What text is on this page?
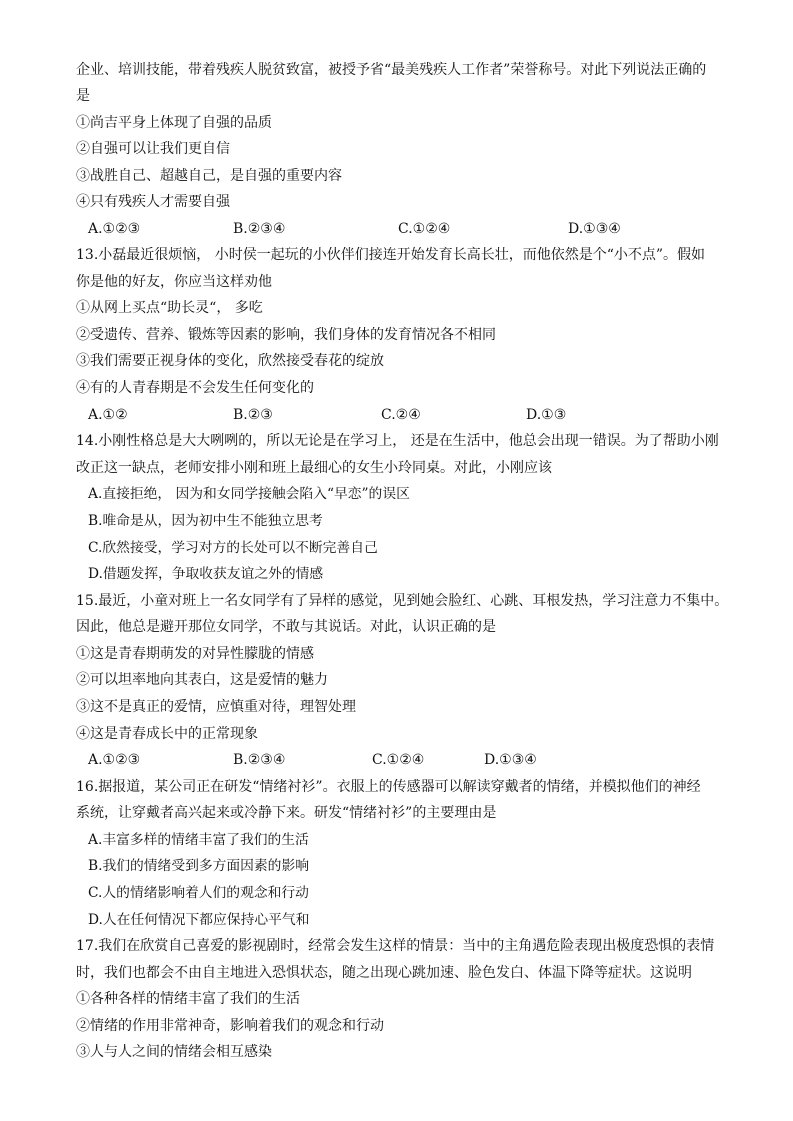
企业、培训技能，带着残疾人脱贫致富，被授予省“最美残疾人工作者”荣誉称号。对此下列说法正确的
是
①尚吉平身上体现了自强的品质
②自强可以让我们更自信
③战胜自己、超越自己，是自强的重要内容
④只有残疾人才需要自强
A.①②③	B.②③④	C.①②④	D.①③④
13.小磊最近很烦恼， 小时侯一起玩的小伙伴们接连开始发育长高长壮，而他依然是个“小不点”。假如
你是他的好友，你应当这样劝他
①从网上买点“助长灵“， 多吃
②受遗传、营养、锻炼等因素的影响，我们身体的发育情况各不相同
③我们需要正视身体的变化，欣然接受春花的绽放
④有的人青春期是不会发生任何变化的
A.①②	B.②③	C.②④	D.①③
14.小刚性格总是大大咧咧的，所以无论是在学习上， 还是在生活中，他总会出现一错误。为了帮助小刚
改正这一缺点，老师安排小刚和班上最细心的女生小玲同桌。对此，小刚应该
A.直接拒绝， 因为和女同学接触会陷入“早恋”的误区
B.唯命是从，因为初中生不能独立思考
C.欣然接受，学习对方的长处可以不断完善自己
D.借题发挥，争取收获友谊之外的情感
15.最近，小童对班上一名女同学有了异样的感觉，见到她会脸红、心跳、耳根发热，学习注意力不集中。
因此，他总是避开那位女同学，不敢与其说话。对此，认识正确的是
①这是青春期萌发的对异性朦胧的情感
②可以坦率地向其表白，这是爱情的魅力
③这不是真正的爱情，应慎重对待，理智处理
④这是青春成长中的正常现象
A.①②③	B.②③④	C.①②④	D.①③④
16.据报道，某公司正在研发“情绪衬衫”。衣服上的传感器可以解读穿戴者的情绪，并模拟他们的神经
系统，让穿戴者高兴起来或冷静下来。研发“情绪衬衫”的主要理由是
A.丰富多样的情绪丰富了我们的生活
B.我们的情绪受到多方面因素的影响
C.人的情绪影响着人们的观念和行动
D.人在任何情况下都应保持心平气和
17.我们在欣赏自己喜爱的影视剧时，经常会发生这样的情景：当中的主角遇危险表现出极度恐惧的表情
时，我们也都会不由自主地进入恐惧状态，随之出现心跳加速、脸色发白、体温下降等症状。这说明
①各种各样的情绪丰富了我们的生活
②情绪的作用非常神奇，影响着我们的观念和行动
③人与人之间的情绪会相互感染
